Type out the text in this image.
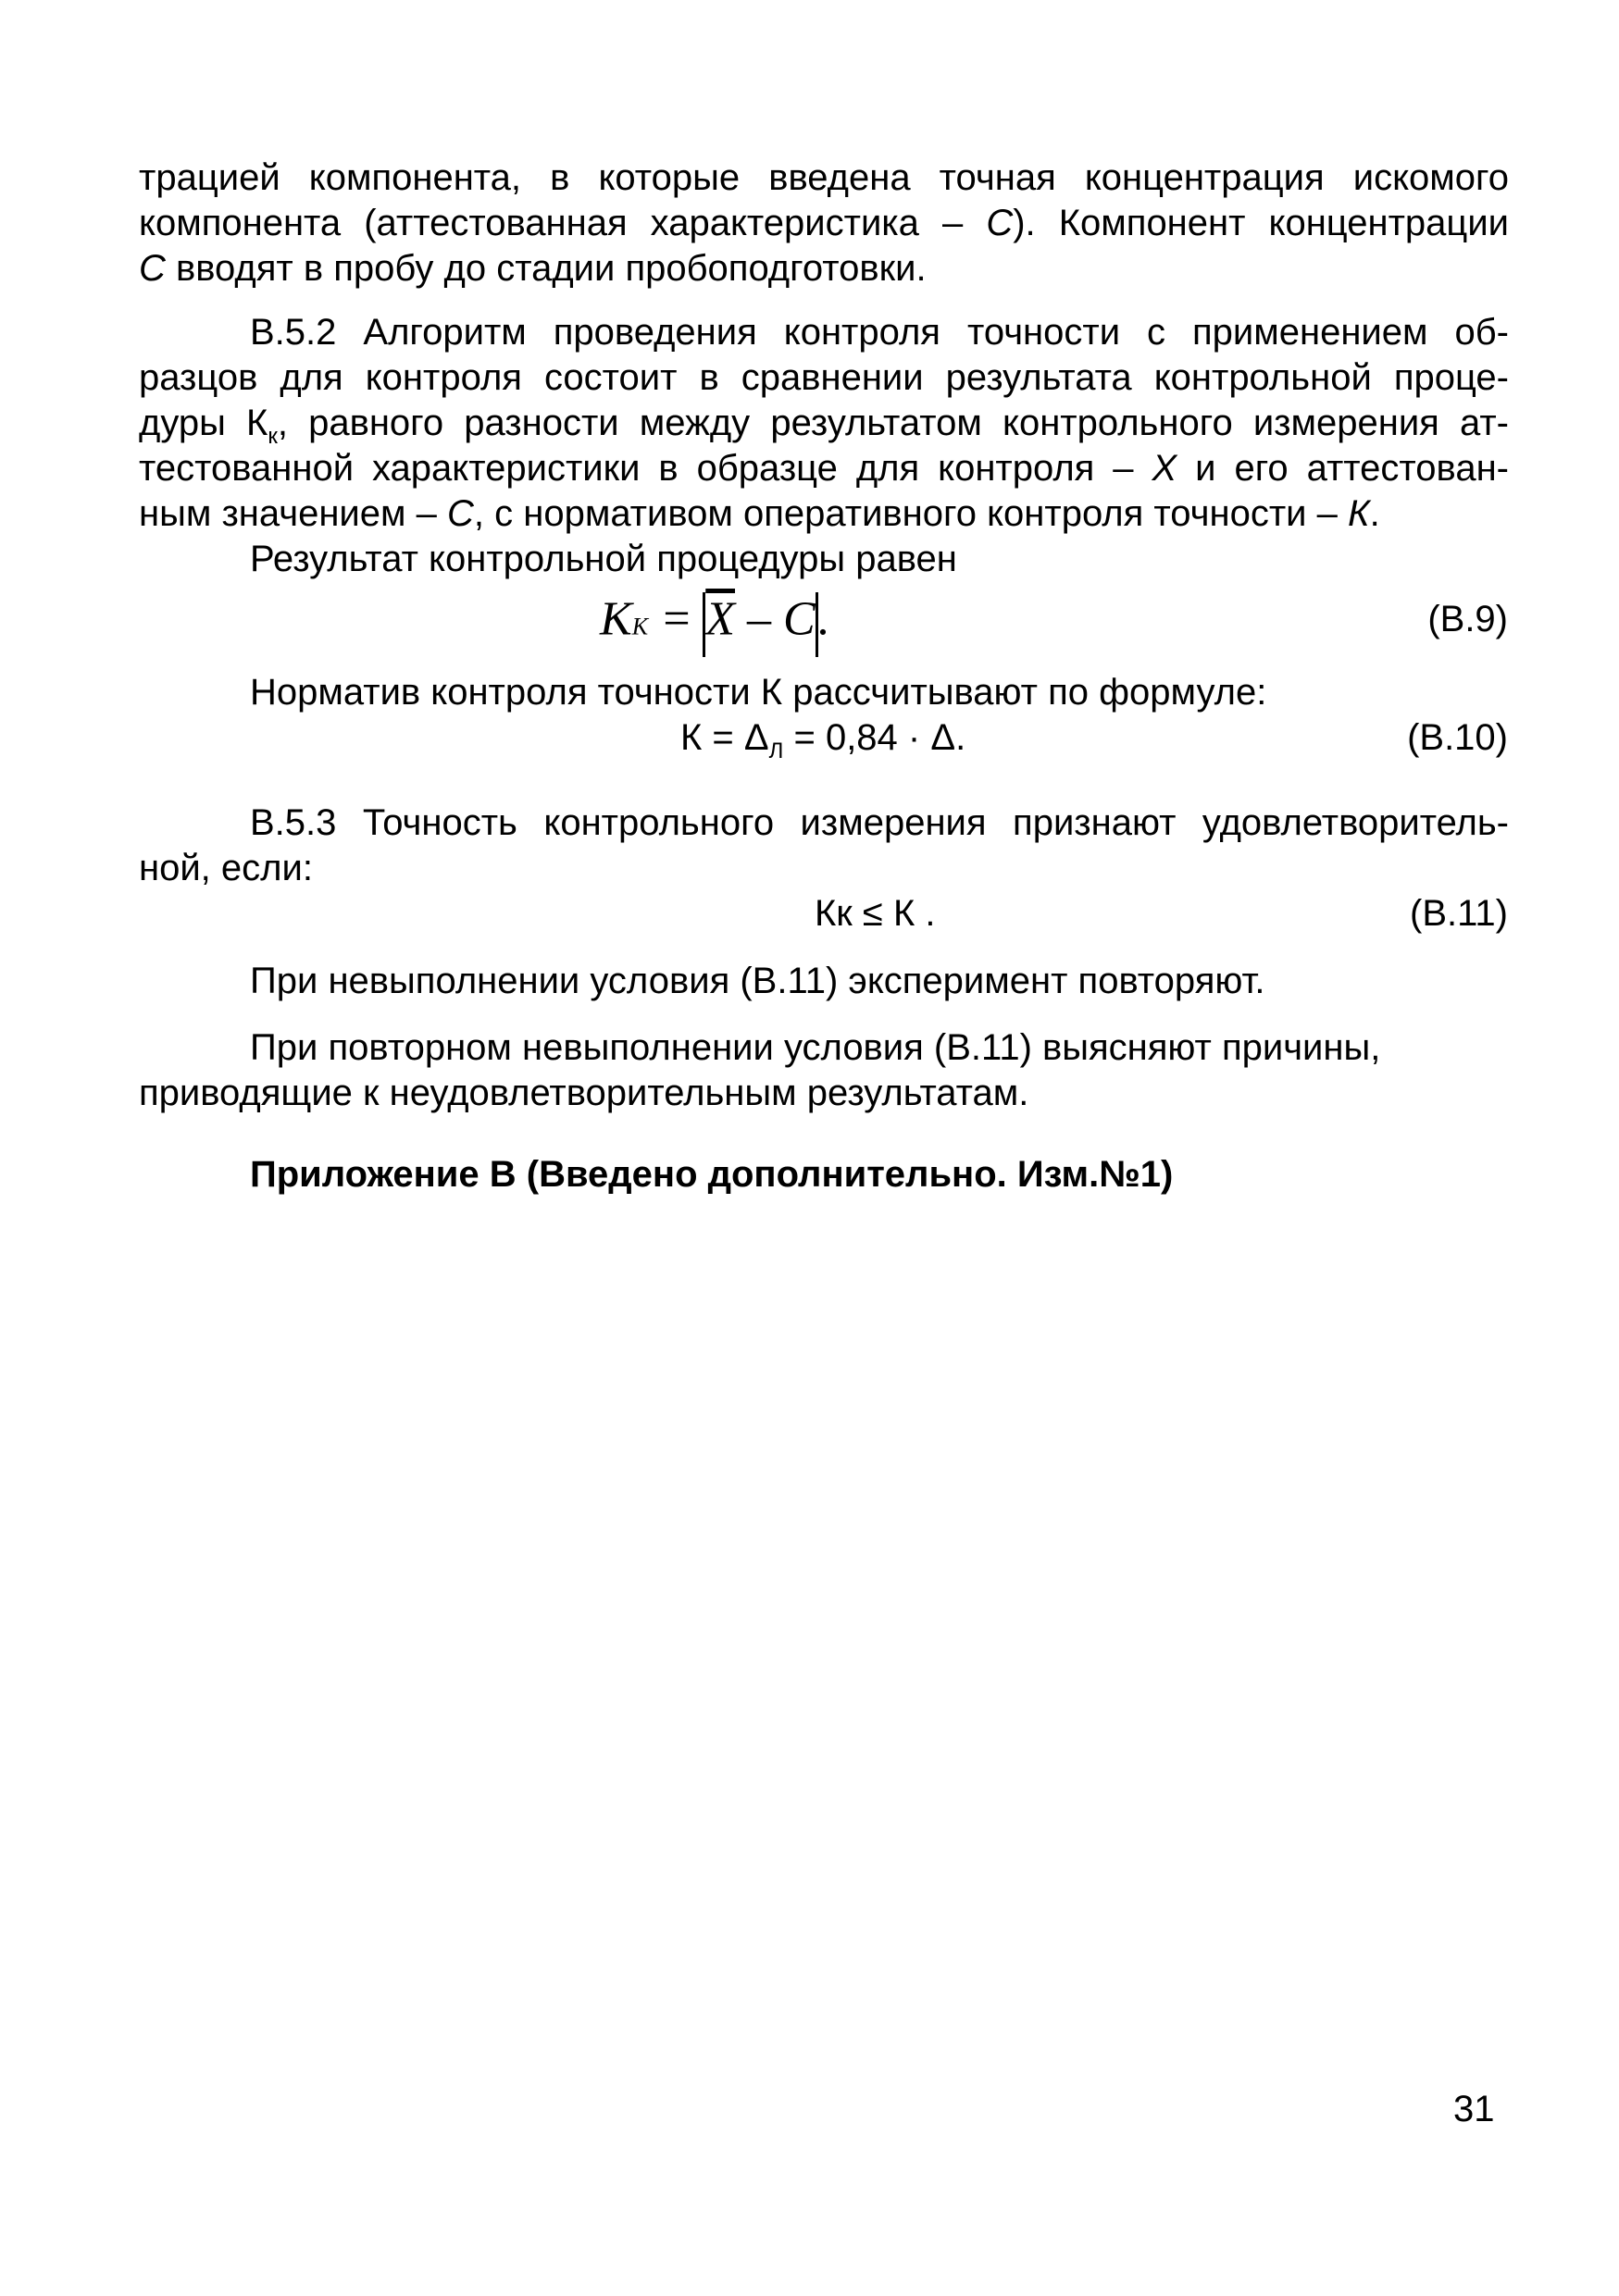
трацией компонента, в которые введена точная концентрация искомого
компонента (аттестованная характеристика – С). Компонент концентрации
С вводят в пробу до стадии пробоподготовки.
В.5.2 Алгоритм проведения контроля точности с применением об-
разцов для контроля состоит в сравнении результата контрольной проце-
дуры $К_к$, равного разности между результатом контрольного измерения ат-
тестованной характеристики в образце для контроля – X и его аттестован-
ным значением – С, с нормативом оперативного контроля точности – К.
Результат контрольной процедуры равен
KK = $\overline{X}$ – C.	(В.9)
Норматив контроля точности К рассчитывают по формуле:
$К = \Delta_Л = 0,84 \cdot \Delta$.	(В.10)
В.5.3 Точность контрольного измерения признают удовлетворитель-
ной, если:
Кк ≤ К .	(В.11)
При невыполнении условия (В.11) эксперимент повторяют.
При повторном невыполнении условия (В.11) выясняют причины,
приводящие к неудовлетворительным результатам.
Приложение В (Введено дополнительно. Изм.№1)
31
